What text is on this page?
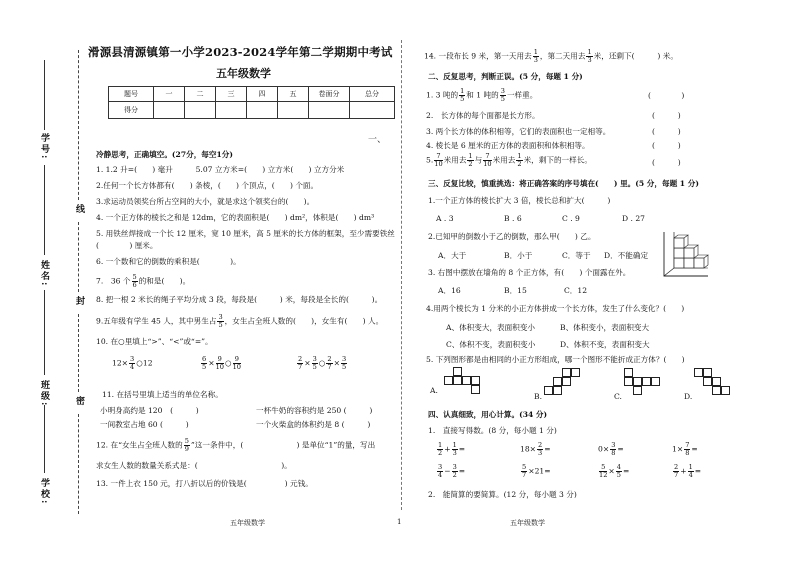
学号:
姓名:
班级:
学校:
线
封
密
滑源县清源镇第一小学2023-2024学年第二学期期中考试
五年级数学
题号	一	二	三	四	五	卷面分	总分
得分							
一、
冷静思考，正确填空。(27分，每空1分)
1. 1.2 升=(　　) 毫升　　　5.07 立方米=(　　) 立方米(　　) 立方分米
2.任何一个长方体都有(　　) 条棱，(　　) 个顶点，(　　) 个面。
3.求运动员领奖台所占空间的大小，就是求这个领奖台的(　　)。
4. 一个正方体的棱长之和是 12dm，它的表面积是(　　) dm²，体积是(　　) dm³
5. 用铁丝焊接成一个长 12 厘米，宽 10 厘米，高 5 厘米的长方体的框架，至少需要铁丝
(　　　　) 厘米。
6. 一个数和它的倒数的乘积是(　　　　)。
7.　36 个 $\frac{5}{6}$ 的和是(　　)。
8. 把一根 2 米长的绳子平均分成 3 段，每段是(　　　) 米，每段是全长的(　　　)。
9.五年级有学生 45 人，其中男生占 $\frac{3}{5}$ ，女生占全班人数的(　　)，女生有(　　) 人。
10. 在○里填上“>”、“<”或“=”。
$12\times \frac{3}{4}$ ○12	$\frac{6}{5} \times \frac{9}{10}$ ○ $\frac{9}{10}$	$\frac{2}{7} \times \frac{3}{5}$ ○ $\frac{2}{7} \times \frac{3}{5}$
11. 在括号里填上适当的单位名称。
小明身高约是 120　(　　　)	一杯牛奶的容积约是 250 (　　　)
一间教室占地 60 (　　　)	一个火柴盒的体积约是 8 (　　　)
12. 在“女生占全班人数的 $\frac{5}{9}$ ”这一条件中，(　　　　　　　) 是单位“1”的量，写出
求女生人数的数量关系式是：(　　　　　　　　　　　)。
13. 一件上衣 150 元，打八折以后的价钱是(　　　　　) 元钱。
14. 一段布长 9 米，第一天用去 $\frac{1}{3}$ ，第二天用去 $\frac{1}{3}$ 米，还剩下(　　　) 米。
二、反复思考，判断正误。(5 分，每题 1 分)
1. 3 吨的 $\frac{1}{5}$ 和 1 吨的 $\frac{3}{5}$ 一样重。	(　　　　)
2.　长方体的每个面都是长方形。	(　　　)
3. 两个长方体的体积相等，它们的表面积也一定相等。	(　　　)
4. 棱长是 6 厘米的正方体的表面积和体积相等。	(　　　)
5. $\frac{7}{10}$ 米用去 $\frac{1}{2}$ 与 $\frac{7}{10}$ 米用去 $\frac{1}{2}$ 米，剩下的一样长。	(　　　)
三、反复比较，慎重挑选：将正确答案的序号填在(　　) 里。(5 分，每题 1 分)
1.一个正方体的棱长扩大 3 倍，棱长总和扩大(　　　)
A . 3	B . 6	C . 9	D . 27
2.已知甲的倒数小于乙的倒数，那么甲(　　) 乙。
A．大于	B．小于	C．等于 D．不能确定
3. 右图中摆放在墙角的 8 个正方体，有(　　) 个面露在外。
A．16	B．15	C．12
4.用两个棱长为 1 分米的小正方体拼成一个长方体，发生了什么变化？(　　)
A、体积变大，表面积变小	B、体积变小，表面积变大
C、体积不变，表面积变小	D、体积不变，表面积变大
5. 下列图形都是由相同的小正方形组成，哪一个图形不能折成正方体？(　　)
A.
B.	C.	D.
四、认真细致，用心计算。(34 分)
1.　直接写得数。(8 分，每小题 1 分)
$\frac{1}{2} + \frac{1}{3}$ =	$18\times \frac{2}{3}$ =	$0\times \frac{3}{8}$ =	$1\times \frac{7}{8}$ =
$\frac{3}{4} - \frac{3}{2}$ =	$\frac{5}{7} \times 21=$	$\frac{5}{12} \times \frac{4}{5}$ =	$\frac{2}{7} + \frac{1}{4}$ =
2.　能简算的要简算。(12 分，每小题 3 分)
五年级数学	1	五年级数学
